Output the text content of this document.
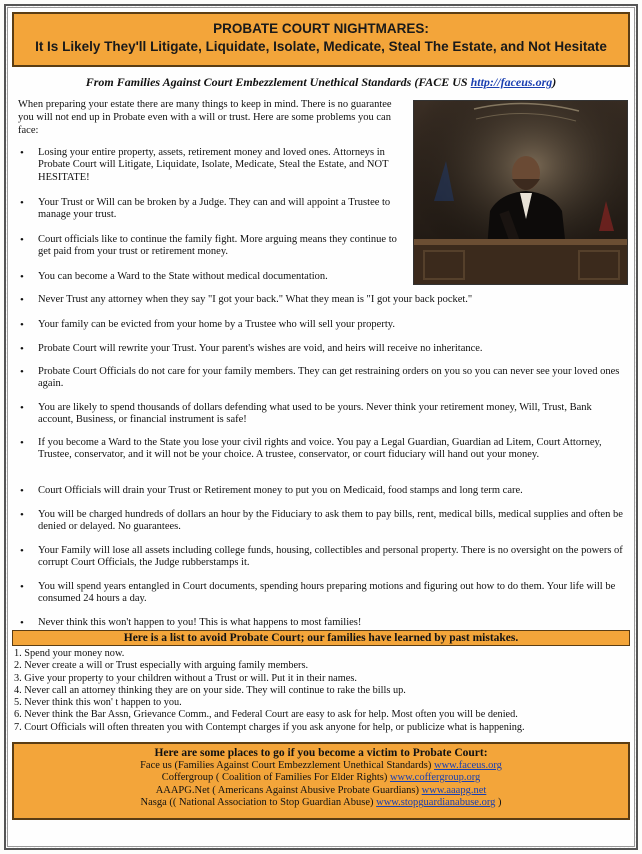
PROBATE COURT NIGHTMARES:
It Is Likely They'll Litigate, Liquidate, Isolate, Medicate, Steal The Estate, and Not Hesitate
From Families Against Court Embezzlement Unethical Standards (FACE US http://faceus.org)
When preparing your estate there are many things to keep in mind. There is no guarantee you will not end up in Probate even with a will or trust. Here are some problems you can face:
• Losing your entire property, assets, retirement money and loved ones. Attorneys in Probate Court will Litigate, Liquidate, Isolate, Medicate, Steal the Estate, and NOT HESITATE!
• Your Trust or Will can be broken by a Judge. They can and will appoint a Trustee to manage your trust.
• Court officials like to continue the family fight. More arguing means they continue to get paid from your trust or retirement money.
• You can become a Ward to the State without medical documentation.
• Never Trust any attorney when they say "I got your back." What they mean is "I got your back pocket."
• Your family can be evicted from your home by a Trustee who will sell your property.
• Probate Court will rewrite your Trust. Your parent's wishes are void, and heirs will receive no inheritance.
• Probate Court Officials do not care for your family members. They can get restraining orders on you so you can never see your loved ones again.
• You are likely to spend thousands of dollars defending what used to be yours. Never think your retirement money, Will, Trust, Bank account, Business, or financial instrument is safe!
• If you become a Ward to the State you lose your civil rights and voice. You pay a Legal Guardian, Guardian ad Litem, Court Attorney, Trustee, conservator, and it will not be your choice. A trustee, conservator, or court fiduciary will hand out your money.
• Court Officials will drain your Trust or Retirement money to put you on Medicaid, food stamps and long term care.
• You will be charged hundreds of dollars an hour by the Fiduciary to ask them to pay bills, rent, medical bills, medical supplies and often be denied or delayed. No guarantees.
• Your Family will lose all assets including college funds, housing, collectibles and personal property. There is no oversight on the powers of corrupt Court Officials, the Judge rubberstamps it.
• You will spend years entangled in Court documents, spending hours preparing motions and figuring out how to do them. Your life will be consumed 24 hours a day.
• Never think this won't happen to you! This is what happens to most families!
Here is a list to avoid Probate Court; our families have learned by past mistakes.
1. Spend your money now.
2. Never create a will or Trust especially with arguing family members.
3. Give your property to your children without a Trust or will. Put it in their names.
4. Never call an attorney thinking they are on your side. They will continue to rake the bills up.
5. Never think this won' t happen to you.
6. Never think the Bar Assn, Grievance Comm., and Federal Court are easy to ask for help. Most often you will be denied.
7. Court Officials will often threaten you with Contempt charges if you ask anyone for help, or publicize what is happening.
Here are some places to go if you become a victim to Probate Court:
Face us (Families Against Court Embezzlement Unethical Standards) www.faceus.org
Coffergroup ( Coalition of Families For Elder Rights) www.coffergroup.org
AAAPG.Net ( Americans Against Abusive Probate Guardians) www.aaapg.net
Nasga (( National Association to Stop Guardian Abuse) www.stopguardianabuse.org )
